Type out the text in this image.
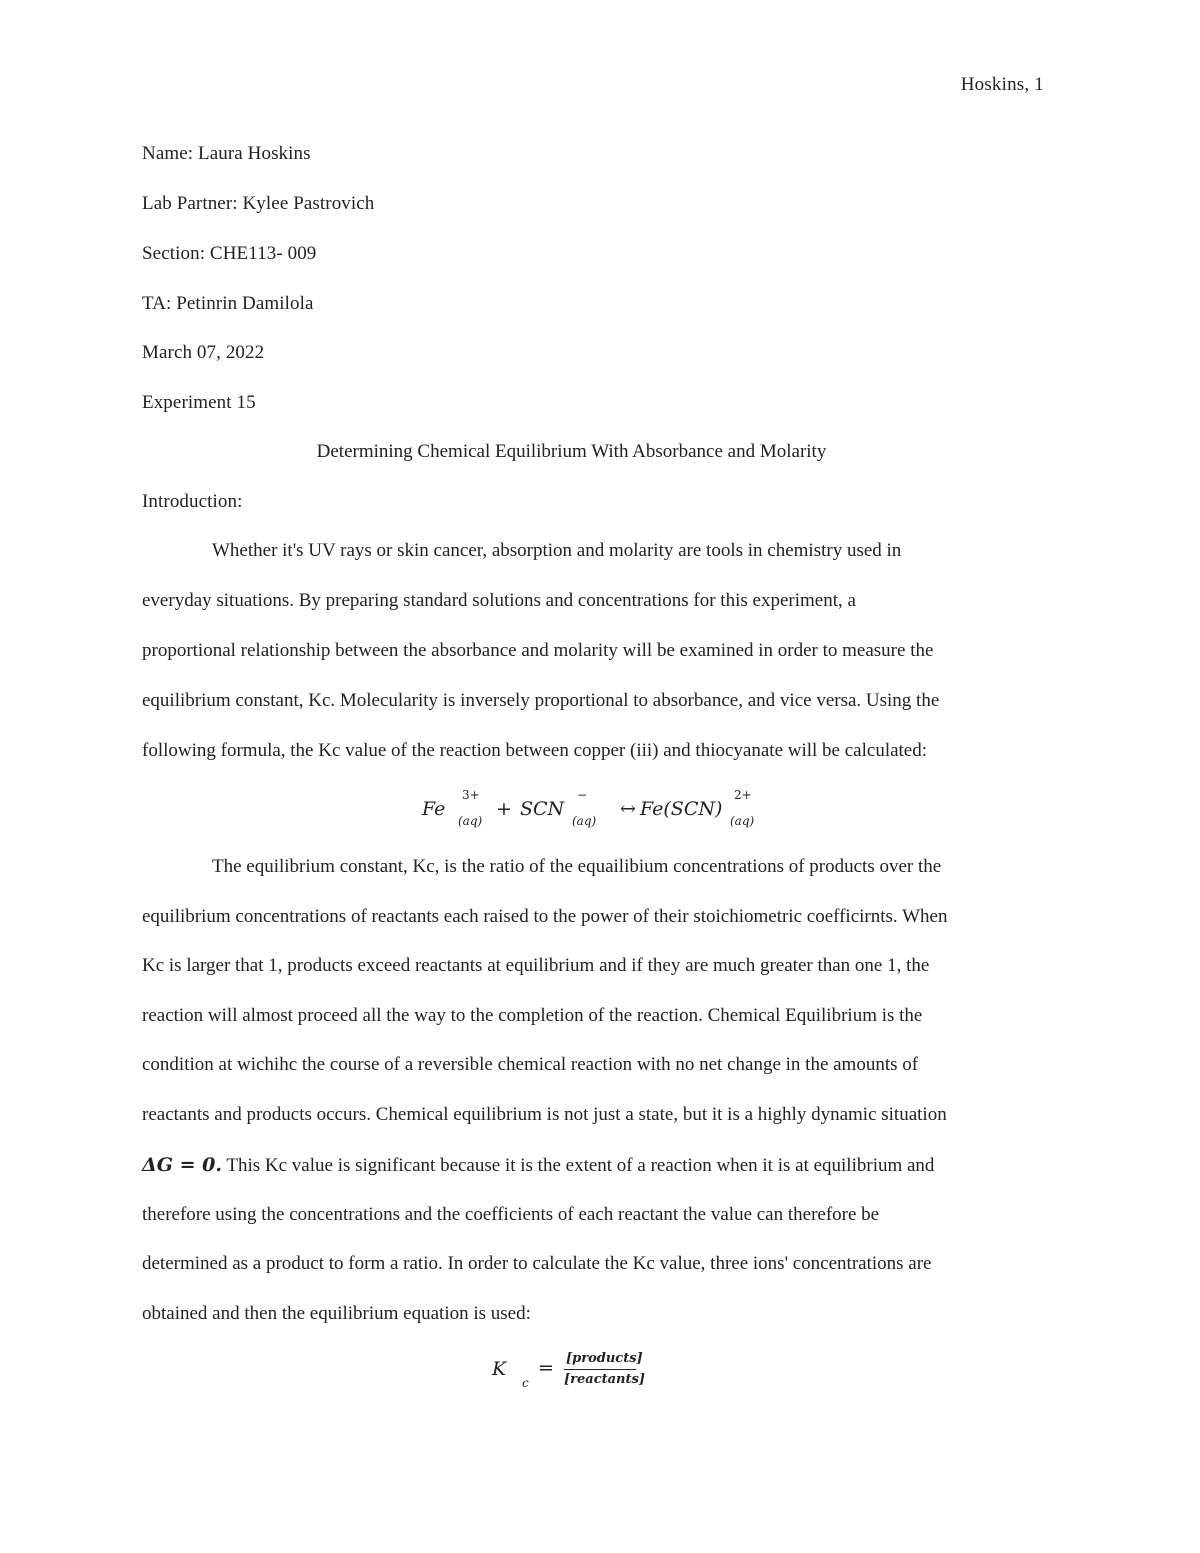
Hoskins, 1
Name: Laura Hoskins
Lab Partner: Kylee Pastrovich
Section: CHE113- 009
TA: Petinrin Damilola
March 07, 2022
Experiment 15
Determining Chemical Equilibrium With Absorbance and Molarity
Introduction:
Whether it's UV rays or skin cancer, absorption and molarity are tools in chemistry used in
everyday situations. By preparing standard solutions and concentrations for this experiment, a
proportional relationship between the absorbance and molarity will be examined in order to measure the
equilibrium constant, Kc. Molecularity is inversely proportional to absorbance, and vice versa. Using the
following formula, the Kc value of the reaction between copper (iii) and thiocyanate will be calculated:
Fe
3+
(aq)
+ SCN
−
(aq)
↔ Fe(SCN)
2+
(aq)
The equilibrium constant, Kc, is the ratio of the equailibium concentrations of products over the
equilibrium concentrations of reactants each raised to the power of their stoichiometric coefficirnts. When
Kc is larger that 1, products exceed reactants at equilibrium and if they are much greater than one 1, the
reaction will almost proceed all the way to the completion of the reaction. Chemical Equilibrium is the
condition at wichihc the course of a reversible chemical reaction with no net change in the amounts of
reactants and products occurs. Chemical equilibrium is not just a state, but it is a highly dynamic situation
ΔG = 0. This Kc value is significant because it is the extent of a reaction when it is at equilibrium and
therefore using the concentrations and the coefficients of each reactant the value can therefore be
determined as a product to form a ratio. In order to calculate the Kc value, three ions' concentrations are
obtained and then the equilibrium equation is used:
K
c
= [products]
[reactants]
